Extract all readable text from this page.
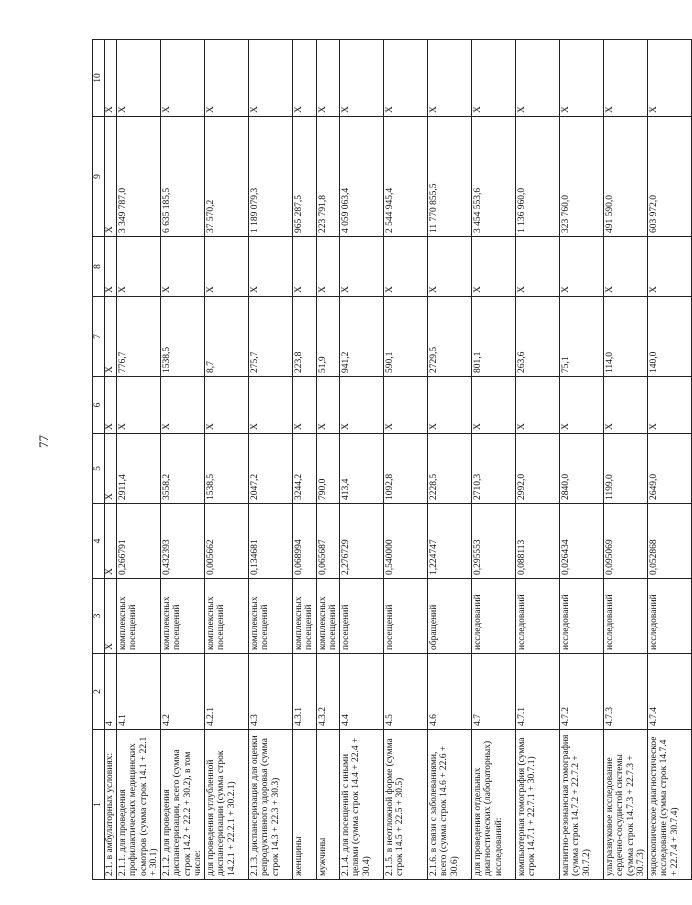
77
1	2	3	4	5	6	7	8	9	10
2.1. в амбулаторных условиях:	4	X	X	X	X	X	X	X	X
2.1.1. для проведения профилактических медицинских осмотров (сумма строк 14.1 + 22.1 + 30.1)	4.1	комплексных посещений	0,266791	2911,4	X	776,7	X	3 349 787,0	X
2.1.2. для проведения диспансеризации, всего (сумма строк 14.2 + 22.2 + 30.2), в том числе:	4.2	комплексных посещений	0,432393	3558,2	X	1538,5	X	6 635 185,5	X
для проведения углубленной диспансеризации (сумма строк 14.2.1 + 22.2.1 + 30.2.1)	4.2.1	комплексных посещений	0,005662	1538,5	X	8,7	X	37 570,2	X
2.1.3. диспансеризация для оценки репродуктивного здоровья (сумма строк 14.3 + 22.3 + 30.3)	4.3	комплексных посещений	0,134681	2047,2	X	275,7	X	1 189 079,3	X
женщины	4.3.1	комплексных посещений	0,068994	3244,2	X	223,8	X	965 287,5	X
мужчины	4.3.2	комплексных посещений	0,065687	790,0	X	51,9	X	223 791,8	X
2.1.4. для посещений с иными целями (сумма строк 14.4 + 22.4 + 30.4)	4.4	посещений	2,276729	413,4	X	941,2	X	4 059 063,4	X
2.1.5. в неотложной форме (сумма строк 14.5 + 22.5 + 30.5)	4.5	посещений	0,540000	1092,8	X	590,1	X	2 544 945,4	X
2.1.6. в связи с заболеваниями, всего (сумма строк 14.6 + 22.6 + 30.6)	4.6	обращений	1,224747	2228,5	X	2729,5	X	11 770 855,5	X
для проведения отдельных диагностических (лабораторных) исследований:	4.7	исследований	0,295553	2710,3	X	801,1	X	3 454 553,6	X
компьютерная томография (сумма строк 14.7.1 + 22.7.1 + 30.7.1)	4.7.1	исследований	0,088113	2992,0	X	263,6	X	1 136 960,0	X
магнитно-резонансная томография (сумма строк 14.7.2 + 22.7.2 + 30.7.2)	4.7.2	исследований	0,026434	2840,0	X	75,1	X	323 760,0	X
ультразвуковое исследование сердечно-сосудистой системы (сумма строк 14.7.3 + 22.7.3 + 30.7.3)	4.7.3	исследований	0,095069	1199,0	X	114,0	X	491 590,0	X
эндоскопическое диагностическое исследование (сумма строк 14.7.4 + 22.7.4 + 30.7.4)	4.7.4	исследований	0,052868	2649,0	X	140,0	X	603 972,0	X
